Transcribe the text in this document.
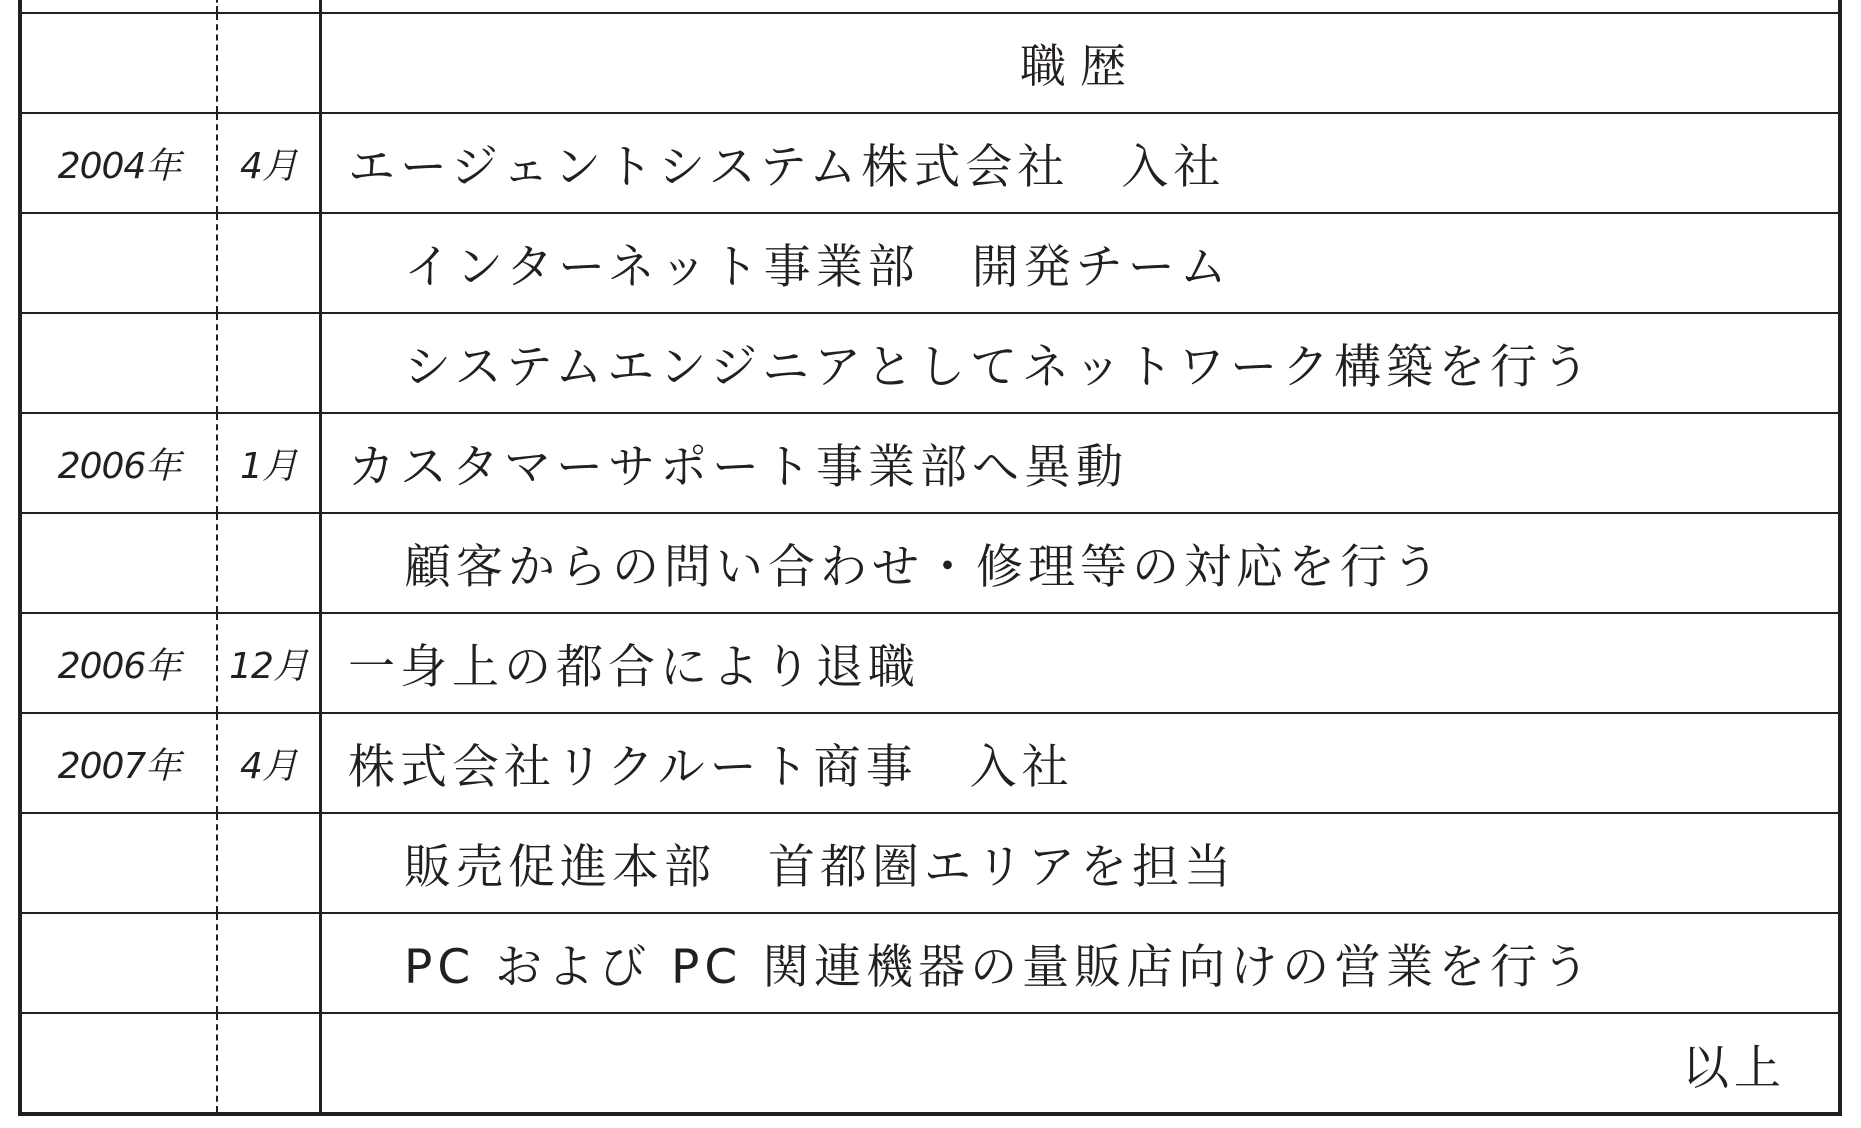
職歴
2004年	4月	エージェントシステム株式会社　入社
インターネット事業部　開発チーム
システムエンジニアとしてネットワーク構築を行う
2006年	1月	カスタマーサポート事業部へ異動
顧客からの問い合わせ・修理等の対応を行う
2006年	12月 一身上の都合により退職
2007年	4月	株式会社リクルート商事　入社
販売促進本部　首都圏エリアを担当
PC および PC 関連機器の量販店向けの営業を行う
以上
